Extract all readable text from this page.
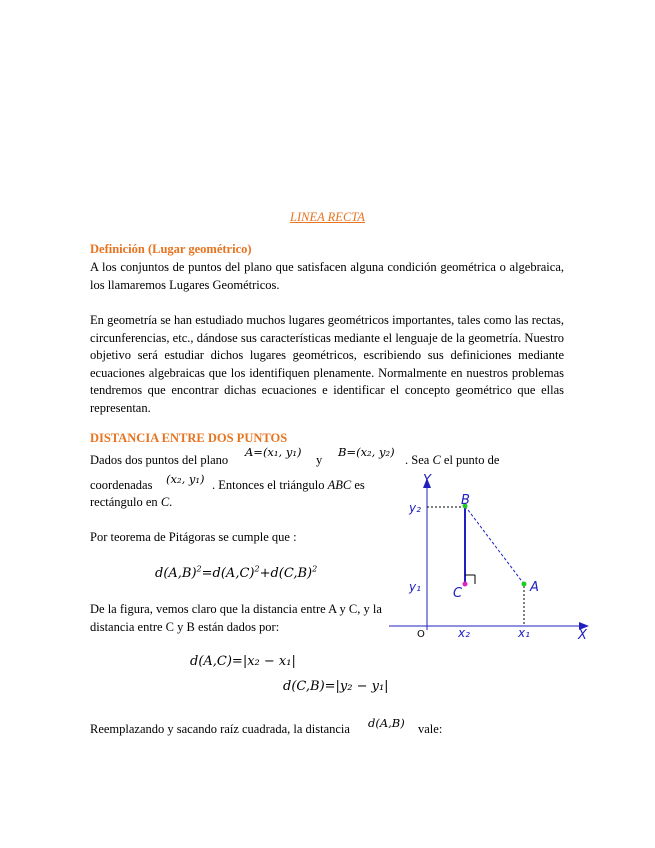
LINEA RECTA
Definición (Lugar geométrico)
A los conjuntos de puntos del plano que satisfacen alguna condición geométrica o algebraica, los llamaremos Lugares Geométricos.
En geometría se han estudiado muchos lugares geométricos importantes, tales como las rectas, circunferencias, etc., dándose sus características mediante el lenguaje de la geometría. Nuestro objetivo será estudiar dichos lugares geométricos, escribiendo sus definiciones mediante ecuaciones algebraicas que los identifiquen plenamente. Normalmente en nuestros problemas tendremos que encontrar dichas ecuaciones e identificar el concepto geométrico que ellas representan.
DISTANCIA ENTRE DOS PUNTOS
Dados dos puntos del plano
A=(x₁, y₁)
y
B=(x₂, y₂)
. Sea C el punto de
coordenadas (x₂, y₁) . Entonces el triángulo ABC es
rectángulo en C.
Por teorema de Pitágoras se cumple que :
$d(A,B)^2=d(A,C)^2+d(C,B)^2$
De la figura, vemos claro que la distancia entre A y C, y la distancia entre C y B están dados por:
d(A,C)=|x₂ − x₁|
d(C,B)=|y₂ − y₁|
Reemplazando y sacando raíz cuadrada, la distancia d(A,B) vale:
Y
X
O
B
A
C
y₂
y₁
x₂	x₁
